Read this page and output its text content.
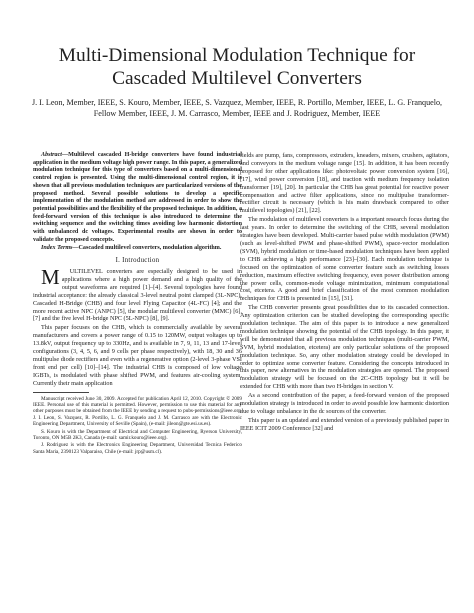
Multi-Dimensional Modulation Technique for Cascaded Multilevel Converters
J. I. Leon, Member, IEEE, S. Kouro, Member, IEEE, S. Vazquez, Member, IEEE, R. Portillo, Member, IEEE, L. G. Franquelo, Fellow Member, IEEE, J. M. Carrasco, Member, IEEE and J. Rodriguez, Member, IEEE

Abstract—Multilevel cascaded H-bridge converters have found industrial application in the medium voltage high power range. In this paper, a generalized modulation technique for this type of converters based on a multi-dimensional control region is presented. Using the multi-dimensional control region, it is shown that all previous modulation techniques are particularized versions of the proposed method. Several possible solutions to develop a specific implementation of the modulation method are addressed in order to show the potential possibilities and the flexibility of the proposed technique. In addition, a feed-forward version of this technique is also introduced to determine the switching sequence and the switching times avoiding low harmonic distortion with unbalanced dc voltages. Experimental results are shown in order to validate the proposed concepts.

Index Terms—Cascaded multilevel converters, modulation algorithm.

I. Introduction

M ULTILEVEL converters are especially designed to be used in applications where a high power demand and a high quality of the output waveforms are required [1]–[4]. Several topologies have found industrial acceptance: the already classical 3-level neutral point clamped (3L-NPC), Cascaded H-Bridge (CHB) and four level Flying Capacitor (4L-FC) [4]; and the more recent active NPC (ANPC) [5], the modular multilevel converter (MMC) [6], [7] and the five level H-bridge NPC (5L-NPC) [8], [9].

This paper focuses on the CHB, which is commercially available by several manufacturers and covers a power range of 0.15 to 120MW, output voltages up to 13.8kV, output frequency up to 330Hz, and is available in 7, 9, 11, 13 and 17-level configurations (3, 4, 5, 6, and 9 cells per phase respectively), with 18, 30 and 36 multipulse diode rectifiers and even with a regenerative option (2-level 3-phase VSI front end per cell) [10]–[14]. The industrial CHB is composed of low voltage IGBTs, is modulated with phase shifted PWM, and features air-cooling system. Currently their main application

Manuscript received June 30, 2009. Accepted for publication April 12, 2010. Copyright © 2009 IEEE. Personal use of this material is permitted. However, permission to use this material for any other purposes must be obtained from the IEEE by sending a request to pubs-permissions@ieee.org. J. I. Leon, S. Vazquez, R. Portillo, L. G. Franquelo and J. M. Carrasco are with the Electronic Engineering Department, University of Seville (Spain), (e-mail: jileon@gte.esi.us.es).

S. Kouro is with the Department of Electrical and Computer Engineering, Ryerson University, Toronto, ON M5B 2K3, Canada (e-mail: samir.kouro@ieee.org).

J. Rodriguez is with the Electronics Engineering Department, Universidad Tecnica Federico Santa Maria, 2390123 Valparaiso, Chile (e-mail: jrp@usm.cl).

fields are pump, fans, compressors, extruders, kneaders, mixers, crushers, agitators, and conveyors in the medium voltage range [15]. In addition, it has been recently proposed for other applications like: photovoltaic power conversion system [16], [17], wind power conversion [18], and traction with medium frequency isolation transformer [19], [20]. In particular the CHB has great potential for reactive power compensation and active filter applications, since no multipulse transformer-rectifier circuit is necessary (which is his main drawback compared to other multilevel topologies) [21], [22].

The modulation of multilevel converters is a important research focus during the last years. In order to determine the switching of the CHB, several modulation strategies have been developed. Multi-carrier based pulse width modulation (PWM) (such as level-shifted PWM and phase-shifted PWM), space-vector modulation (SVM), hybrid modulation or time-based modulation techniques have been applied to CHB achieving a high performance [23]–[30]. Each modulation technique is focused on the optimization of some converter feature such as switching losses reduction, maximum effective switching frequency, even power distribution among the power cells, common-mode voltage minimization, minimum computational cost, etcetera. A good and brief classification of the most common modulation techniques for CHB is presented in [15], [31].

The CHB converter presents great possibilities due to its cascaded connection. Any optimization criterion can be studied developing the corresponding specific modulation technique. The aim of this paper is to introduce a new generalized modulation technique showing the potential of the CHB topology. In this paper, it will be demonstrated that all previous modulation techniques (multi-carrier PWM, SVM, hybrid modulation, etcetera) are only particular solutions of the proposed modulation technique. So, any other modulation strategy could be developed in order to optimize some converter feature. Considering the concepts introduced in this paper, new alternatives in the modulation strategies are opened. The proposed modulation strategy will be focused on the 2C-CHB topology but it will be extended for CHB with more than two H-bridges in section V.

As a second contribution of the paper, a feed-forward version of the proposed modulation strategy is introduced in order to avoid possible low harmonic distortion due to voltage unbalance in the dc sources of the converter.

This paper is an updated and extended version of a previously published paper in IEEE ICIT 2009 Conference [32] and
